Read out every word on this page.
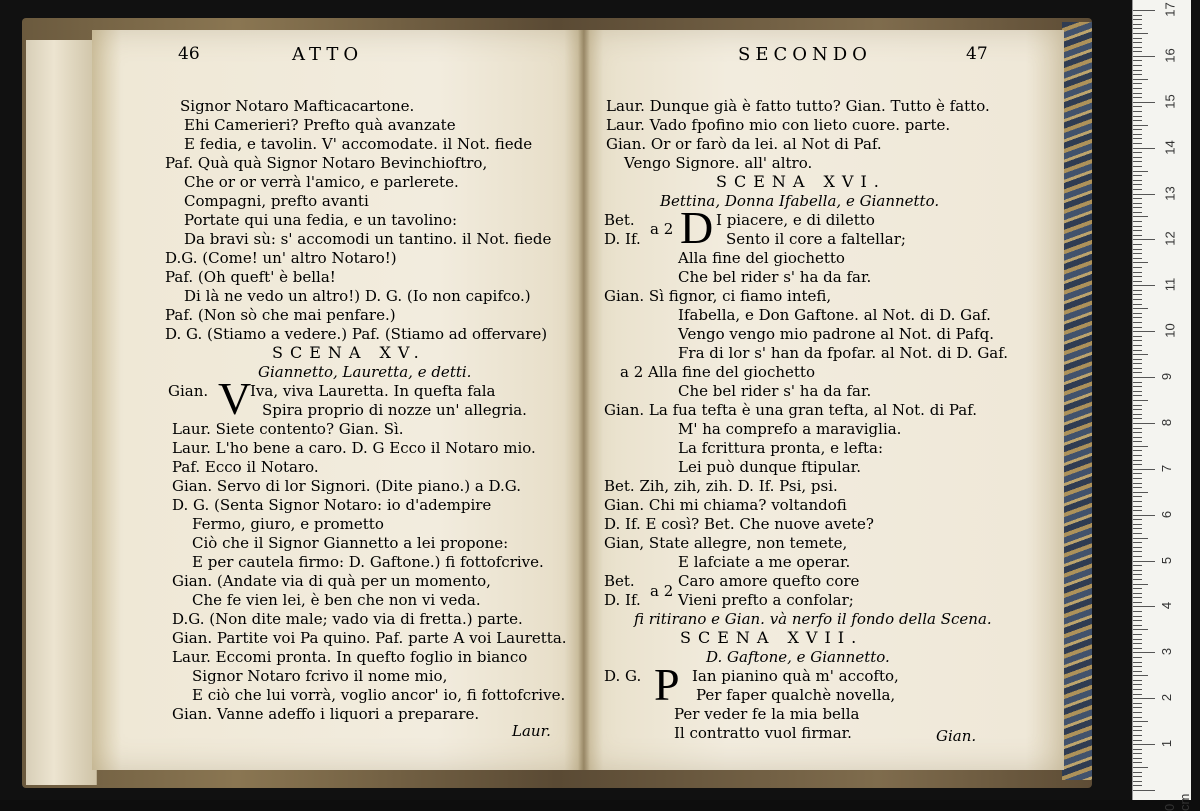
46	ATTO	SECONDO	47
V
D
P
Signor Notaro Mafticacartone.
Ehi Camerieri? Prefto quà avanzate
E fedia, e tavolin. V' accomodate. il Not. fiede
Paf. Quà quà Signor Notaro Bevinchioftro,
Che or or verrà l'amico, e parlerete.
Compagni, prefto avanti
Portate qui una fedia, e un tavolino:
Da bravi sù: s' accomodi un tantino. il Not. fiede
D.G. (Come! un' altro Notaro!)
Paf. (Oh queft' è bella!
Di là ne vedo un altro!) D. G. (Io non capifco.)
Paf. (Non sò che mai penfare.)
D. G. (Stiamo a vedere.) Paf. (Stiamo ad offervare)
SCENA XV.
Giannetto, Lauretta, e detti.
Gian.	Iva, viva Lauretta. In quefta fala
Spira proprio di nozze un' allegria.
Laur. Siete contento? Gian. Sì.
Laur. L'ho bene a caro. D. G Ecco il Notaro mio.
Paf. Ecco il Notaro.
Gian. Servo di lor Signori. (Dite piano.) a D.G.
D. G. (Senta Signor Notaro: io d'adempire
Fermo, giuro, e prometto
Ciò che il Signor Giannetto a lei propone:
E per cautela firmo: D. Gaftone.) fi fottofcrive.
Gian. (Andate via di quà per un momento,
Che fe vien lei, è ben che non vi veda.
D.G. (Non dite male; vado via di fretta.) parte.
Gian. Partite voi Pa quino. Paf. parte A voi Lauretta.
Laur. Eccomi pronta. In quefto foglio in bianco
Signor Notaro fcrivo il nome mio,
E ciò che lui vorrà, voglio ancor' io, fi fottofcrive.
Gian. Vanne adeffo i liquori a preparare.
Laur.
Laur. Dunque già è fatto tutto? Gian. Tutto è fatto.
Laur. Vado fpofino mio con lieto cuore. parte.
Gian. Or or farò da lei. al Not di Paf.
Vengo Signore. all' altro.
SCENA XVI.
Bettina, Donna Ifabella, e Giannetto.
Bet.
D. If.
a 2	I piacere, e di diletto
Sento il core a faltellar;
Alla fine del giochetto
Che bel rider s' ha da far.
Gian. Sì fignor, ci fiamo intefi,
Ifabella, e Don Gaftone. al Not. di D. Gaf.
Vengo vengo mio padrone al Not. di Pafq.
Fra di lor s' han da fpofar. al Not. di D. Gaf.
a 2 Alla fine del giochetto
Che bel rider s' ha da far.
Gian. La fua tefta è una gran tefta, al Not. di Paf.
M' ha comprefo a maraviglia.
La fcrittura pronta, e lefta:
Lei può dunque ftipular.
Bet. Zih, zih, zih. D. If. Psi, psi.
Gian. Chi mi chiama? voltandofi
D. If. E così? Bet. Che nuove avete?
Gian, State allegre, non temete,
E lafciate a me operar.
Bet.
D. If. a 2
Caro amore quefto core
Vieni prefto a confolar;
fi ritirano e Gian. và nerfo il fondo della Scena.
SCENA XVII.
D. Gaftone, e Giannetto.
D. G.	Ian pianino quà m' accofto,
Per faper qualchè novella,
Per veder fe la mia bella
Il contratto vuol firmar.	Gian.
17
16
15
14
13
12
11
10
9
8
7
6
5
4
3
2
1
0 cm
